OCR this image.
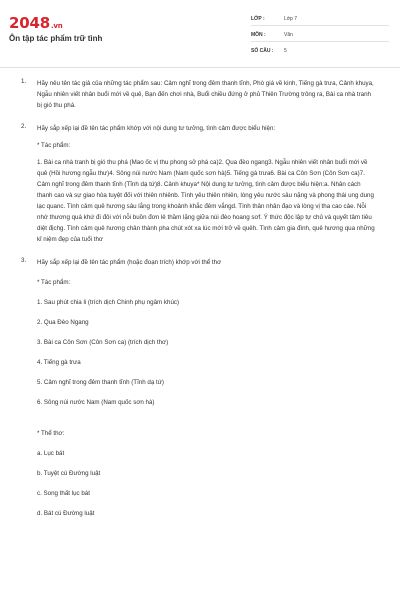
2048.vn
Ôn tập tác phẩm trữ tình
LỚP :	Lớp 7
MÔN :	Văn
SỐ CÂU :	5
1. Hãy nêu tên tác giả của những tác phẩm sau: Cảm nghĩ trong đêm thanh tĩnh, Phò giá về kinh, Tiếng gà trưa, Cảnh khuya, Ngẫu nhiên viết nhân buổi mới về quê, Bạn đến chơi nhà, Buổi chiều đứng ở phủ Thiên Trường trông ra, Bài ca nhà tranh bị gió thu phá.

2. Hãy sắp xếp lại đề tên tác phẩm khớp với nội dung tư tưởng, tình cảm được biểu hiện:

* Tác phẩm:

1. Bài ca nhà tranh bị gió thu phá (Mao ốc vị thu phong sở phá ca)2. Qua đèo ngang3. Ngẫu nhiên viết nhân buổi mới về quê (Hồi hương ngẫu thư)4. Sông núi nước Nam (Nam quốc sơn hà)5. Tiếng gà trưa6. Bài ca Côn Sơn (Côn Sơn ca)7. Cảm nghĩ trong đêm thanh tĩnh (Tĩnh dạ tứ)8. Cảnh khuya* Nội dung tư tưởng, tình cảm được biểu hiện:a. Nhân cách thanh cao và sự giao hòa tuyệt đối với thiên nhiênb. Tình yêu thiên nhiên, lòng yêu nước sâu nặng và phong thái ung dung lạc quanc. Tình cảm quê hương sâu lắng trong khoảnh khắc đêm vắngd. Tình thân nhân đạo và lòng vị tha cao cảe. Nỗi nhớ thương quá khứ đi đôi với nỗi buồn đơn lẻ thầm lặng giữa núi đèo hoang sơf. Ý thức độc lập tự chủ và quyết tâm tiêu diệt địchg. Tình cảm quê hương chân thành pha chút xót xa lúc mới trở về quêh. Tình cảm gia đình, quê hương qua những kỉ niệm đẹp của tuổi thơ

3. Hãy sắp xếp lại đề tên tác phẩm (hoặc đoạn trích) khớp với thể thơ

* Tác phẩm:

1. Sau phút chia li (trích dịch Chinh phụ ngâm khúc)

2. Qua Đèo Ngang

3. Bài ca Côn Sơn (Côn Sơn ca) (trích dịch thơ)

4. Tiếng gà trưa

5. Cảm nghĩ trong đêm thanh tĩnh (Tĩnh dạ tứ)

6. Sông núi nước Nam (Nam quốc sơn hà)

* Thể thơ:

a. Lục bát

b. Tuyệt cú Đường luật

c. Song thất lục bát

d. Bát cú Đường luật
